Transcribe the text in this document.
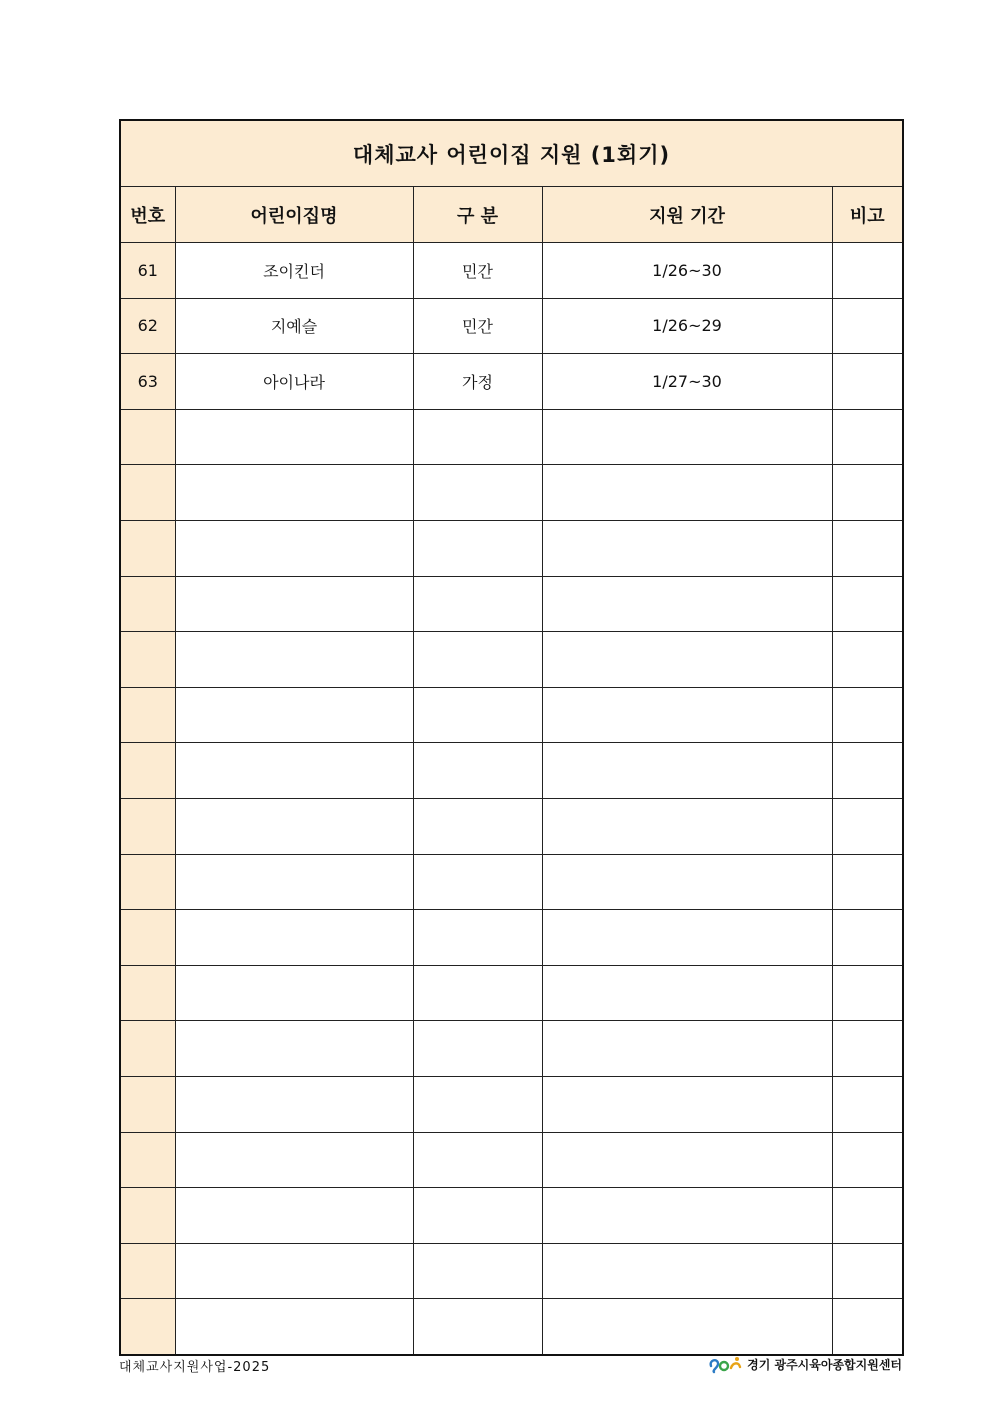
대체교사 어린이집 지원 (1회기)				
번호	어린이집명	구 분	지원 기간	비고
61	조이킨더	민간	1/26~30	
62	지예슬	민간	1/26~29	
63	아이나라	가정	1/27~30	

대체교사지원사업-2025	경기 광주시육아종합지원센터
